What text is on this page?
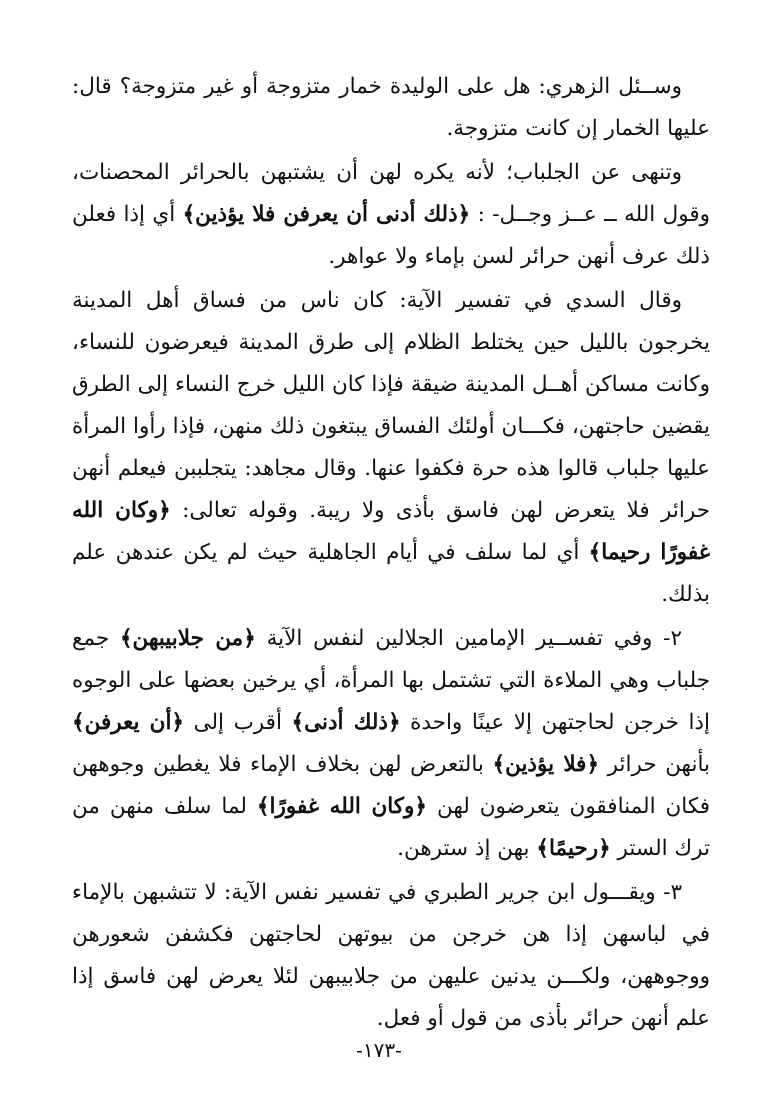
وســئل الزهري: هل على الوليدة خمار متزوجة أو غير متزوجة؟ قال: عليها الخمار إن كانت متزوجة.

وتنهى عن الجلباب؛ لأنه يكره لهن أن يشتبهن بالحرائر المحصنات، وقول الله ــ عــز وجــل- : ﴿ذلك أدنى أن يعرفن فلا يؤذين﴾ أي إذا فعلن ذلك عرف أنهن حرائر لسن بإماء ولا عواهر.

وقال السدي في تفسير الآية: كان ناس من فساق أهل المدينة يخرجون بالليل حين يختلط الظلام إلى طرق المدينة فيعرضون للنساء، وكانت مساكن أهــل المدينة ضيقة فإذا كان الليل خرج النساء إلى الطرق يقضين حاجتهن، فكـــان أولئك الفساق يبتغون ذلك منهن، فإذا رأوا المرأة عليها جلباب قالوا هذه حرة فكفوا عنها. وقال مجاهد: يتجلببن فيعلم أنهن حرائر فلا يتعرض لهن فاسق بأذى ولا ريبة. وقوله تعالى: ﴿وكان الله غفورًا رحيما﴾ أي لما سلف في أيام الجاهلية حيث لم يكن عندهن علم بذلك.

٢- وفي تفســير الإمامين الجلالين لنفس الآية ﴿من جلابيبهن﴾ جمع جلباب وهي الملاءة التي تشتمل بها المرأة، أي يرخين بعضها على الوجوه إذا خرجن لحاجتهن إلا عينًا واحدة ﴿ذلك أدنى﴾ أقرب إلى ﴿أن يعرفن﴾ بأنهن حرائر ﴿فلا يؤذين﴾ بالتعرض لهن بخلاف الإماء فلا يغطين وجوههن فكان المنافقون يتعرضون لهن ﴿وكان الله غفورًا﴾ لما سلف منهن من ترك الستر ﴿رحيمًا﴾ بهن إذ سترهن.

٣- ويقـــول ابن جرير الطبري في تفسير نفس الآية: لا تتشبهن بالإماء في لباسهن إذا هن خرجن من بيوتهن لحاجتهن فكشفن شعورهن ووجوههن، ولكـــن يدنين عليهن من جلابيبهن لئلا يعرض لهن فاسق إذا علم أنهن حرائر بأذى من قول أو فعل.

-١٧٣-
